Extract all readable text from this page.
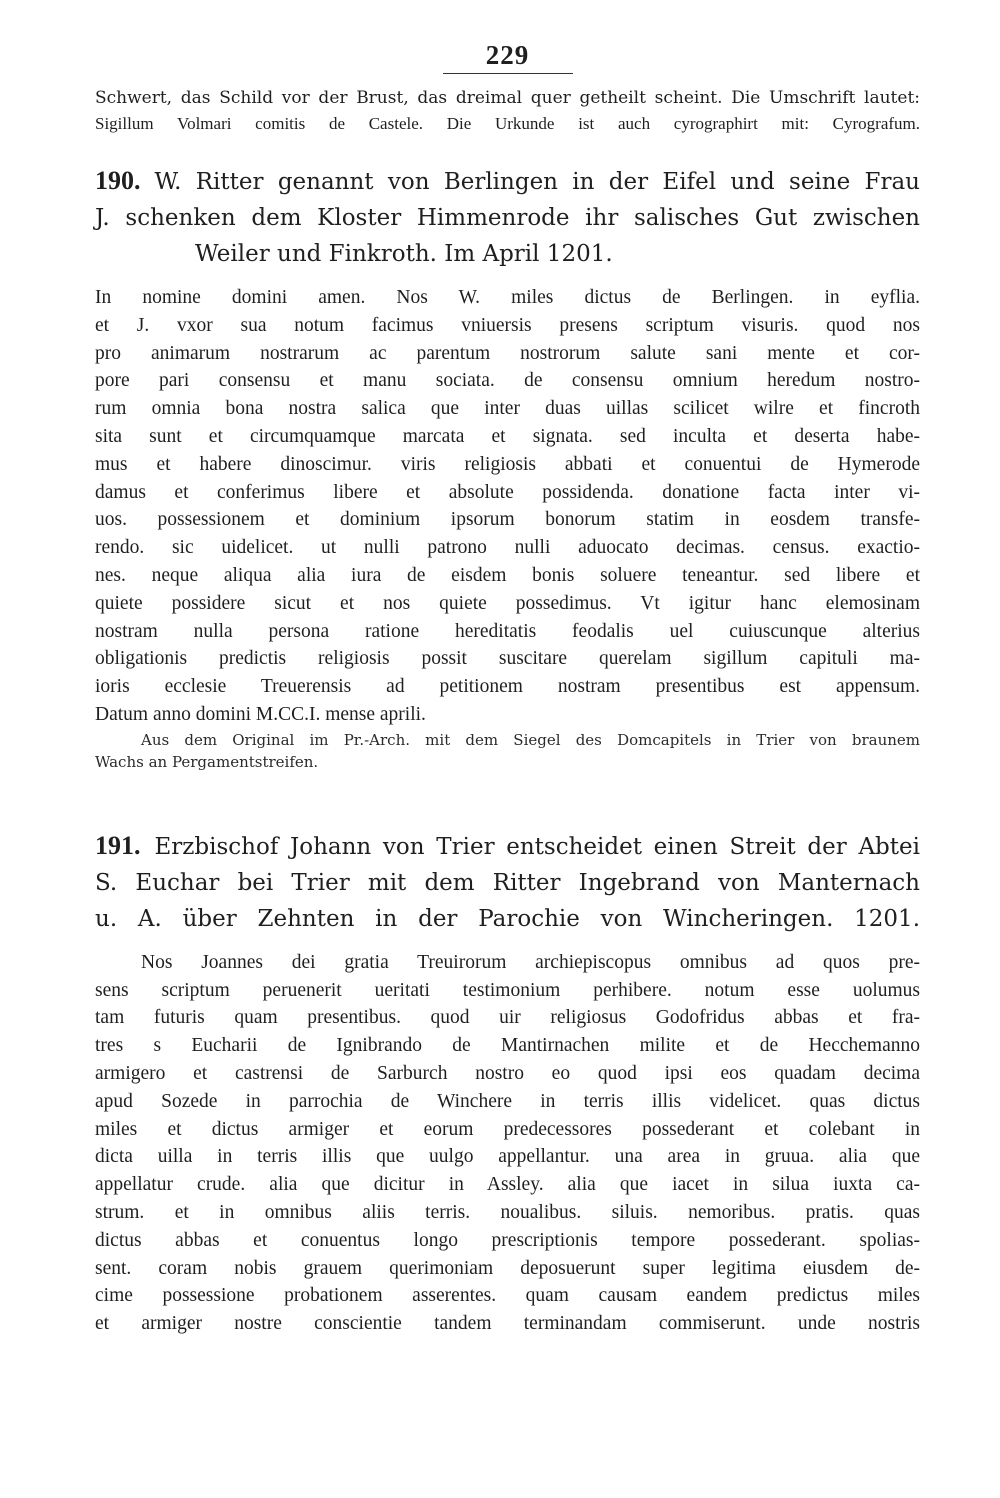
229
Schwert, das Schild vor der Brust, das dreimal quer getheilt scheint. Die Umschrift lautet:
Sigillum Volmari comitis de Castele. Die Urkunde ist auch cyrographirt mit: Cyrografum.
190. W. Ritter genannt von Berlingen in der Eifel und seine Frau
J. schenken dem Kloster Himmenrode ihr salisches Gut zwischen
Weiler und Finkroth. Im April 1201.
In nomine domini amen. Nos W. miles dictus de Berlingen. in eyflia.
et J. vxor sua notum facimus vniuersis presens scriptum visuris. quod nos
pro animarum nostrarum ac parentum nostrorum salute sani mente et cor-
pore pari consensu et manu sociata. de consensu omnium heredum nostro-
rum omnia bona nostra salica que inter duas uillas scilicet wilre et fincroth
sita sunt et circumquamque marcata et signata. sed inculta et deserta habe-
mus et habere dinoscimur. viris religiosis abbati et conuentui de Hymerode
damus et conferimus libere et absolute possidenda. donatione facta inter vi-
uos. possessionem et dominium ipsorum bonorum statim in eosdem transfe-
rendo. sic uidelicet. ut nulli patrono nulli aduocato decimas. census. exactio-
nes. neque aliqua alia iura de eisdem bonis soluere teneantur. sed libere et
quiete possidere sicut et nos quiete possedimus. Vt igitur hanc elemosinam
nostram nulla persona ratione hereditatis feodalis uel cuiuscunque alterius
obligationis predictis religiosis possit suscitare querelam sigillum capituli ma-
ioris ecclesie Treuerensis ad petitionem nostram presentibus est appensum.
Datum anno domini M.CC.I. mense aprili.
Aus dem Original im Pr.-Arch. mit dem Siegel des Domcapitels in Trier von braunem
Wachs an Pergamentstreifen.
191. Erzbischof Johann von Trier entscheidet einen Streit der Abtei
S. Euchar bei Trier mit dem Ritter Ingebrand von Manternach
u. A. über Zehnten in der Parochie von Wincheringen. 1201.
Nos Joannes dei gratia Treuirorum archiepiscopus omnibus ad quos pre-
sens scriptum peruenerit ueritati testimonium perhibere. notum esse uolumus
tam futuris quam presentibus. quod uir religiosus Godofridus abbas et fra-
tres s Eucharii de Ignibrando de Mantirnachen milite et de Hecchemanno
armigero et castrensi de Sarburch nostro eo quod ipsi eos quadam decima
apud Sozede in parrochia de Winchere in terris illis videlicet. quas dictus
miles et dictus armiger et eorum predecessores possederant et colebant in
dicta uilla in terris illis que uulgo appellantur. una area in gruua. alia que
appellatur crude. alia que dicitur in Assley. alia que iacet in silua iuxta ca-
strum. et in omnibus aliis terris. noualibus. siluis. nemoribus. pratis. quas
dictus abbas et conuentus longo prescriptionis tempore possederant. spolias-
sent. coram nobis grauem querimoniam deposuerunt super legitima eiusdem de-
cime possessione probationem asserentes. quam causam eandem predictus miles
et armiger nostre conscientie tandem terminandam commiserunt. unde nostris
